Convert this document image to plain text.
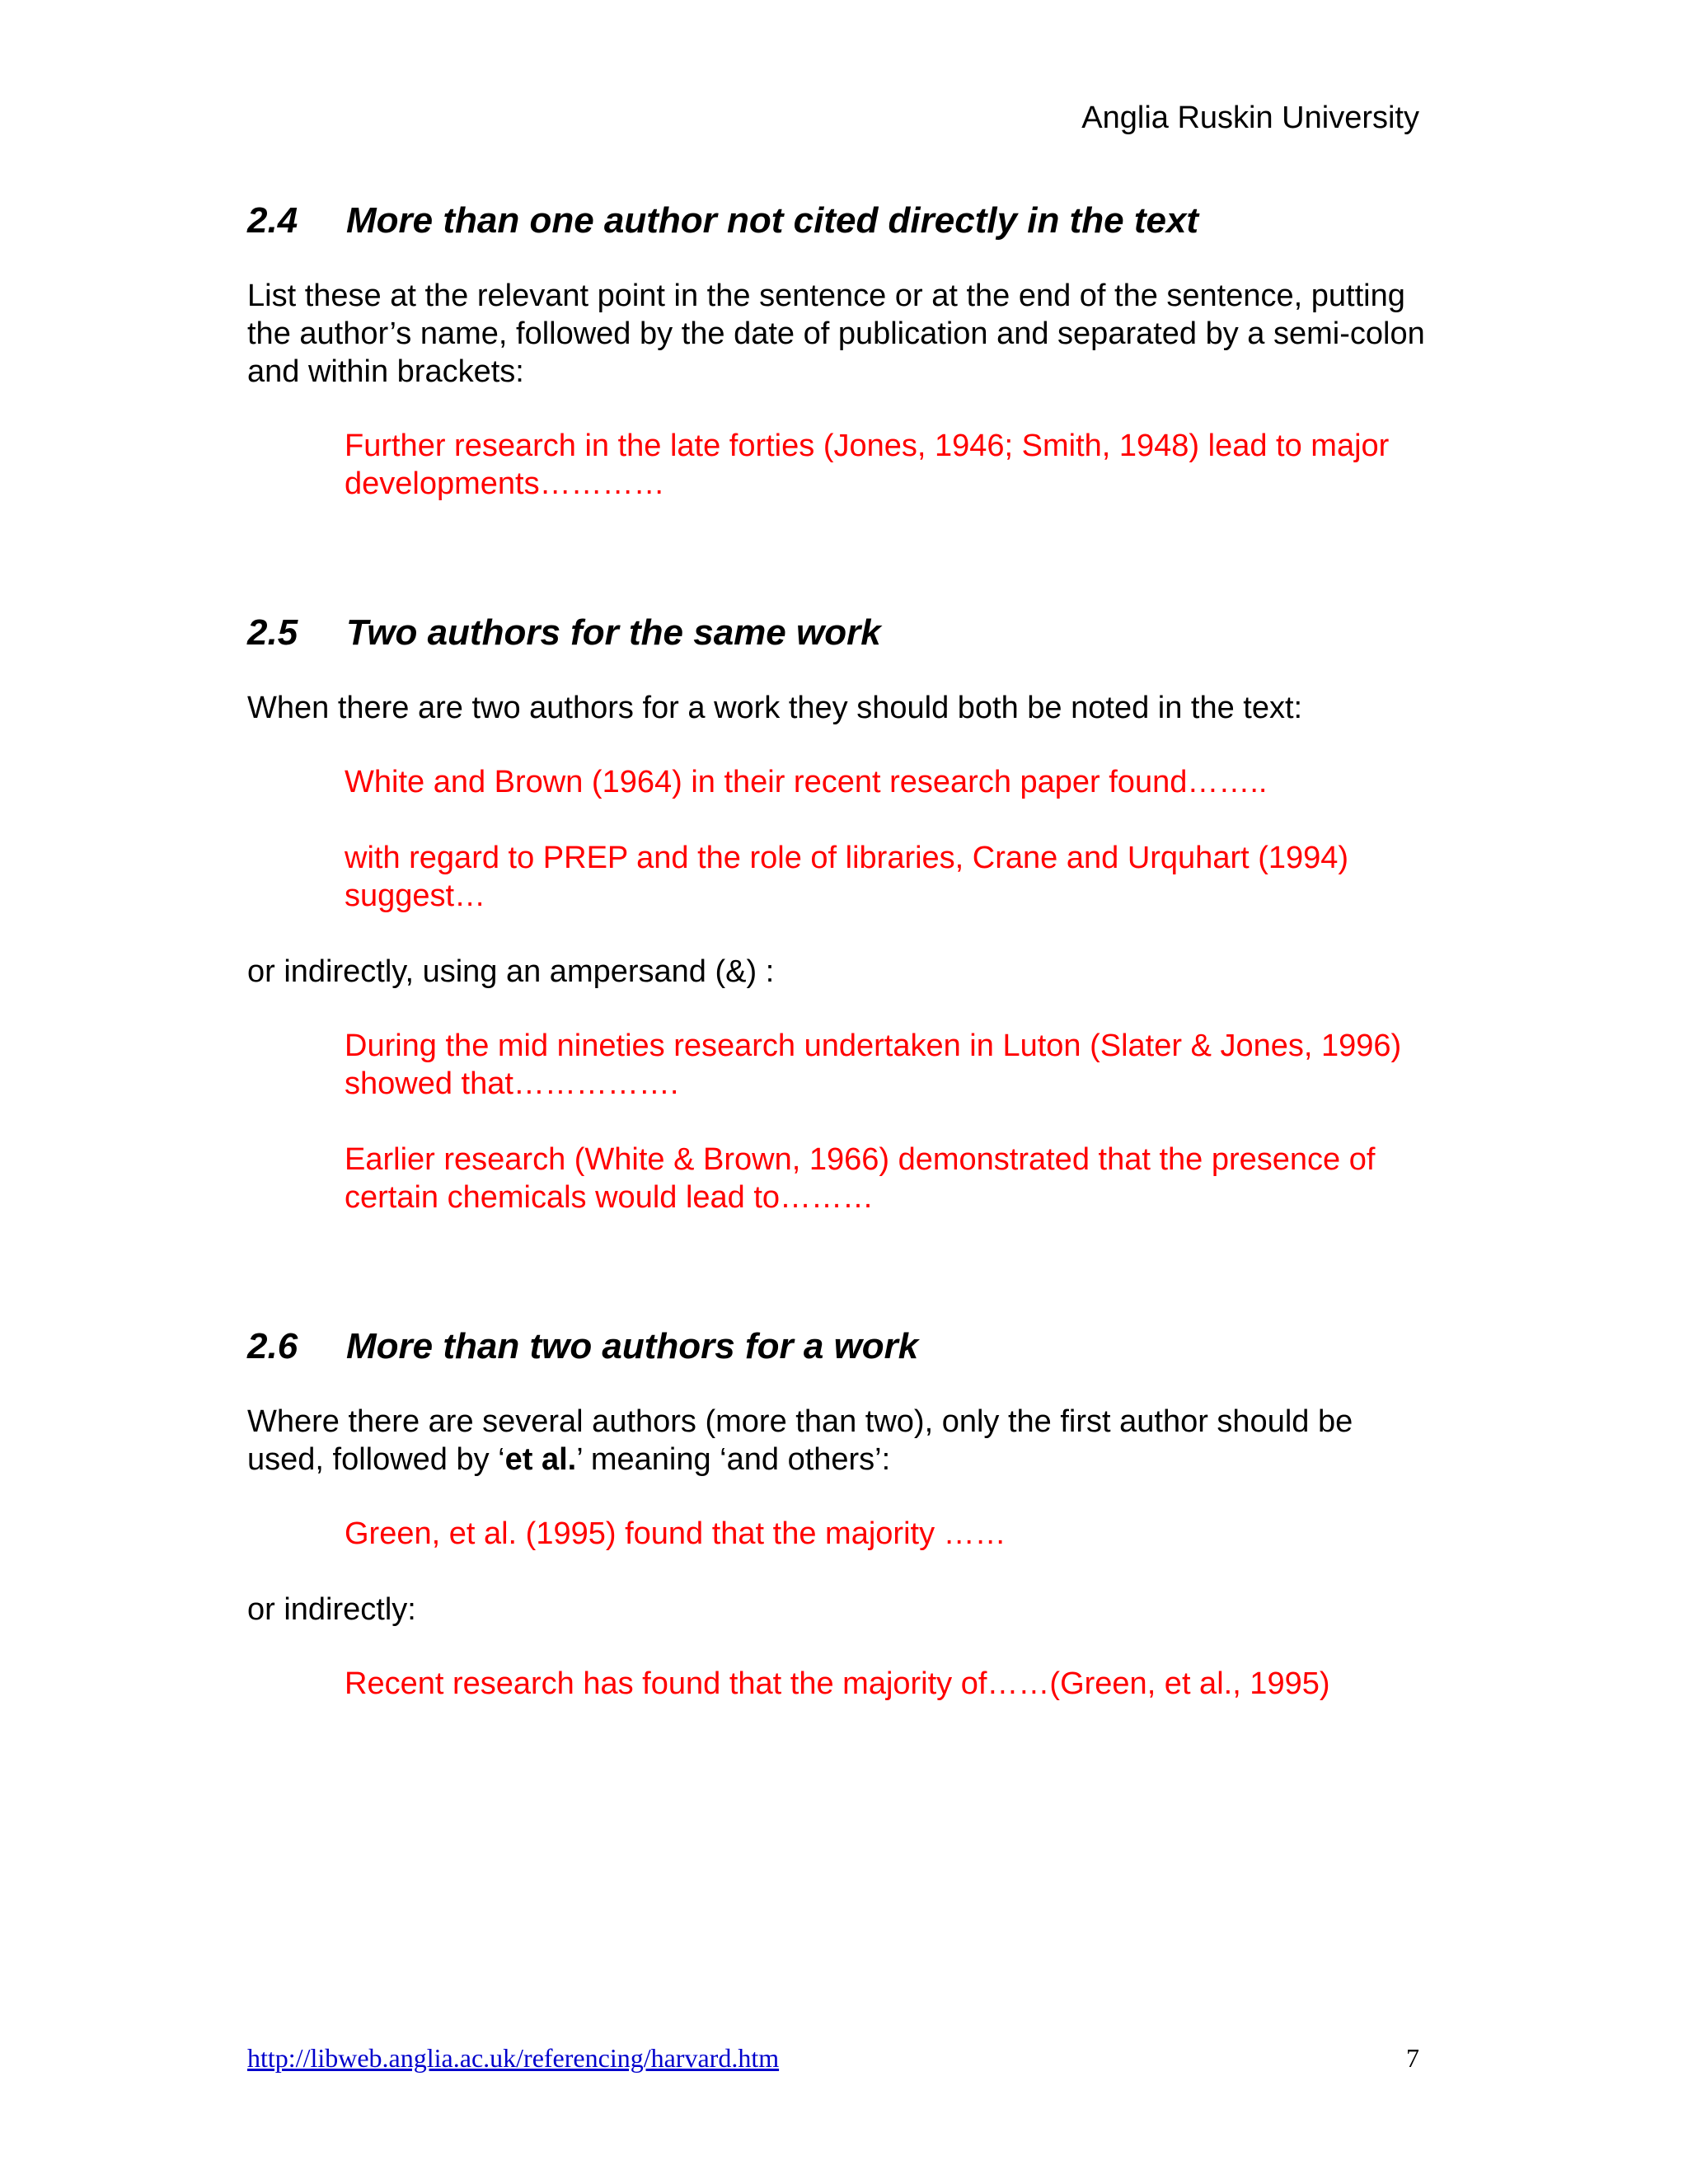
Anglia Ruskin University
2.4	More than one author not cited directly in the text

List these at the relevant point in the sentence or at the end of the sentence, putting the author’s name, followed by the date of publication and separated by a semi-colon and within brackets:

Further research in the late forties (Jones, 1946; Smith, 1948) lead to major developments…………

2.5	Two authors for the same work

When there are two authors for a work they should both be noted in the text:

White and Brown (1964) in their recent research paper found……..

with regard to PREP and the role of libraries, Crane and Urquhart (1994) suggest…

or indirectly, using an ampersand (&) :

During the mid nineties research undertaken in Luton (Slater & Jones, 1996) showed that…………….

Earlier research (White & Brown, 1966) demonstrated that the presence of certain chemicals would lead to………

2.6	More than two authors for a work

Where there are several authors (more than two), only the first author should be used, followed by ‘et al.’ meaning ‘and others’:

Green, et al. (1995) found that the majority ……

or indirectly:

Recent research has found that the majority of……(Green, et al., 1995)

http://libweb.anglia.ac.uk/referencing/harvard.htm	7
